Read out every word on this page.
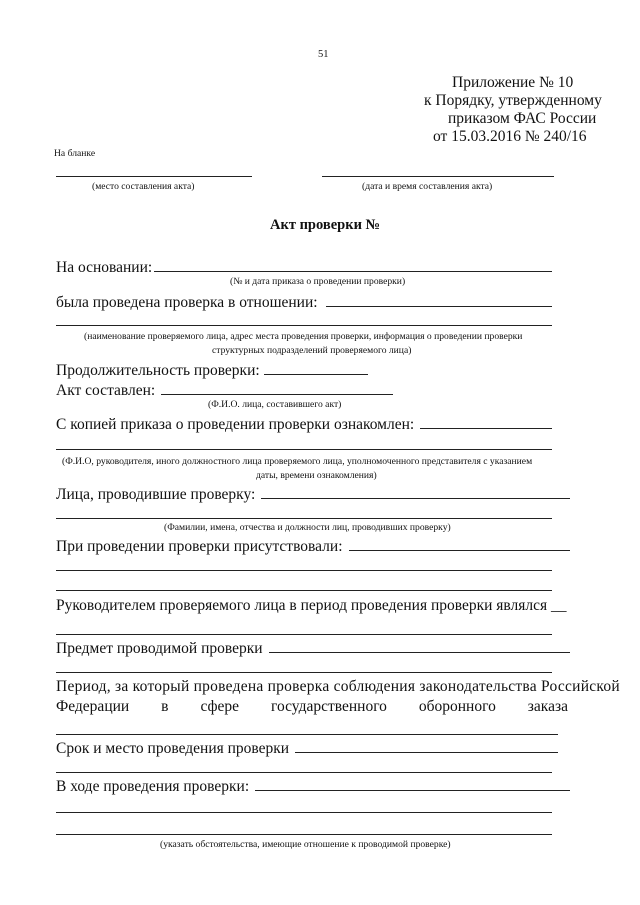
51
Приложение № 10
к Порядку, утвержденному
приказом ФАС России
от 15.03.2016 № 240/16
На бланке
(место составления акта)	(дата и время составления акта)
Акт проверки №
На основании:
(№ и дата приказа о проведении проверки)
была проведена проверка в отношении:
(наименование проверяемого лица, адрес места проведения проверки, информация о проведении проверки
структурных подразделений проверяемого лица)
Продолжительность проверки:
Акт составлен:
(Ф.И.О. лица, составившего акт)
С копией приказа о проведении проверки ознакомлен:
(Ф.И.О, руководителя, иного должностного лица проверяемого лица, уполномоченного представителя с указанием
даты, времени ознакомления)
Лица, проводившие проверку:
(Фамилии, имена, отчества и должности лиц, проводивших проверку)
При проведении проверки присутствовали:
Руководителем проверяемого лица в период проведения проверки являлся __
Предмет проводимой проверки
Период, за который проведена проверка соблюдения законодательства Российской
Федерации в сфере государственного оборонного заказа
Срок и место проведения проверки
В ходе проведения проверки:
(указать обстоятельства, имеющие отношение к проводимой проверке)
